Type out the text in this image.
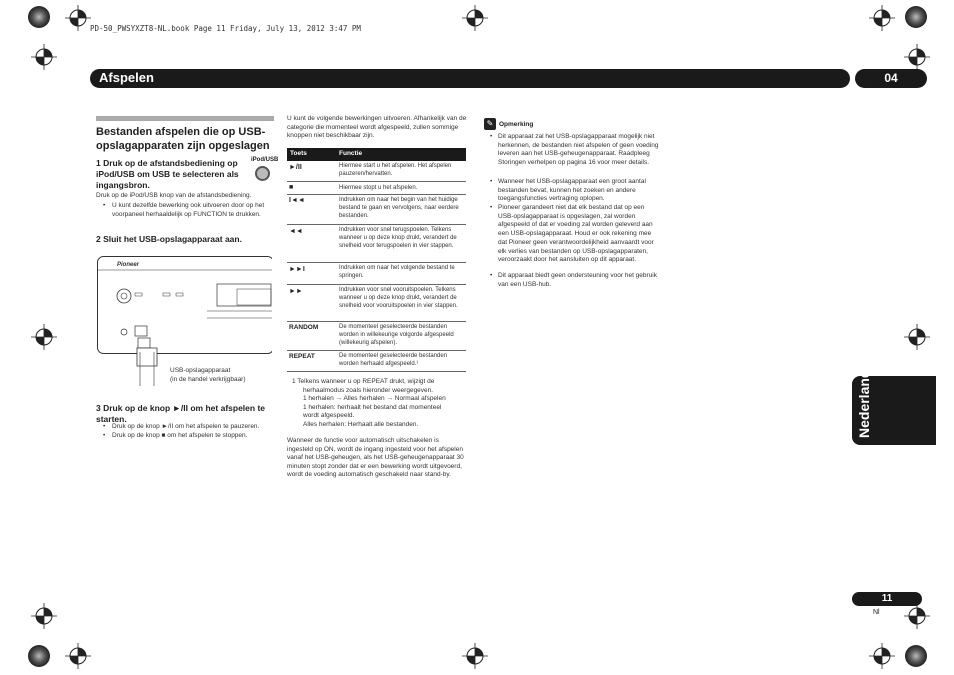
PD-50_PWSYXZT8-NL.book Page 11 Friday, July 13, 2012 3:47 PM
Afspelen	04
Nederlands
11
Nl
Bestanden afspelen die op USB-opslagapparaten zijn opgeslagen
1 Druk op de afstandsbediening op iPod/USB om USB te selecteren als ingangsbron.
iPod/USB
Druk op de iPod/USB knop van de afstandsbediening.
• U kunt dezelfde bewerking ook uitvoeren door op het voorpaneel herhaaldelijk op FUNCTION te drukken.
2 Sluit het USB-opslagapparaat aan.
Pioneer
USB-opslagapparaat
(in de handel verkrijgbaar)
3 Druk op de knop ►/II om het afspelen te starten.
• Druk op de knop ►/II om het afspelen te pauzeren.
• Druk op de knop ■ om het afspelen te stoppen.
U kunt de volgende bewerkingen uitvoeren. Afhankelijk van de categorie die momenteel wordt afgespeeld, zullen sommige knoppen niet beschikbaar zijn.
Toets	Functie
►/II	Hiermee start u het afspelen. Het afspelen pauzeren/hervatten.
■	Hiermee stopt u het afspelen.
I◄◄	Indrukken om naar het begin van het huidige bestand te gaan en vervolgens, naar eerdere bestanden.
◄◄	Indrukken voor snel terugspoelen. Telkens wanneer u op deze knop drukt, verandert de snelheid voor terugspoelen in vier stappen.
►►I	Indrukken om naar het volgende bestand te springen.
►►	Indrukken voor snel vooruitspoelen. Telkens wanneer u op deze knop drukt, verandert de snelheid voor vooruitspoelen in vier stappen.
RANDOM	De momenteel geselecteerde bestanden worden in willekeurige volgorde afgespeeld (willekeurig afspelen).
REPEAT	De momenteel geselecteerde bestanden worden herhaald afgespeeld.¹
1 Telkens wanneer u op REPEAT drukt, wijzigt de
herhaalmodus zoals hieronder weergegeven.
1 herhalen → Alles herhalen → Normaal afspelen
1 herhalen: herhaalt het bestand dat momenteel
wordt afgespeeld.
Alles herhalen: Herhaalt alle bestanden.
Wanneer de functie voor automatisch uitschakelen is ingesteld op ON, wordt de ingang ingesteld voor het afspelen vanaf het USB-geheugen, als het USB-geheugenapparaat 30 minuten stopt zonder dat er een bewerking wordt uitgevoerd, wordt de voeding automatisch geschakeld naar stand-by.
✎ Opmerking
• Dit apparaat zal het USB-opslagapparaat mogelijk niet herkennen, de bestanden niet afspelen of geen voeding leveren aan het USB-geheugenapparaat. Raadpleeg Storingen verhelpen op pagina 16 voor meer details.
• Wanneer het USB-opslagapparaat een groot aantal bestanden bevat, kunnen het zoeken en andere toegangsfuncties vertraging oplopen.
• Pioneer garandeert niet dat elk bestand dat op een USB-opslagapparaat is opgeslagen, zal worden afgespeeld of dat er voeding zal worden geleverd aan een USB-opslagapparaat. Houd er ook rekening mee dat Pioneer geen verantwoordelijkheid aanvaardt voor elk verlies van bestanden op USB-opslagapparaten, veroorzaakt door het aansluiten op dit apparaat.
• Dit apparaat biedt geen ondersteuning voor het gebruik van een USB-hub.
